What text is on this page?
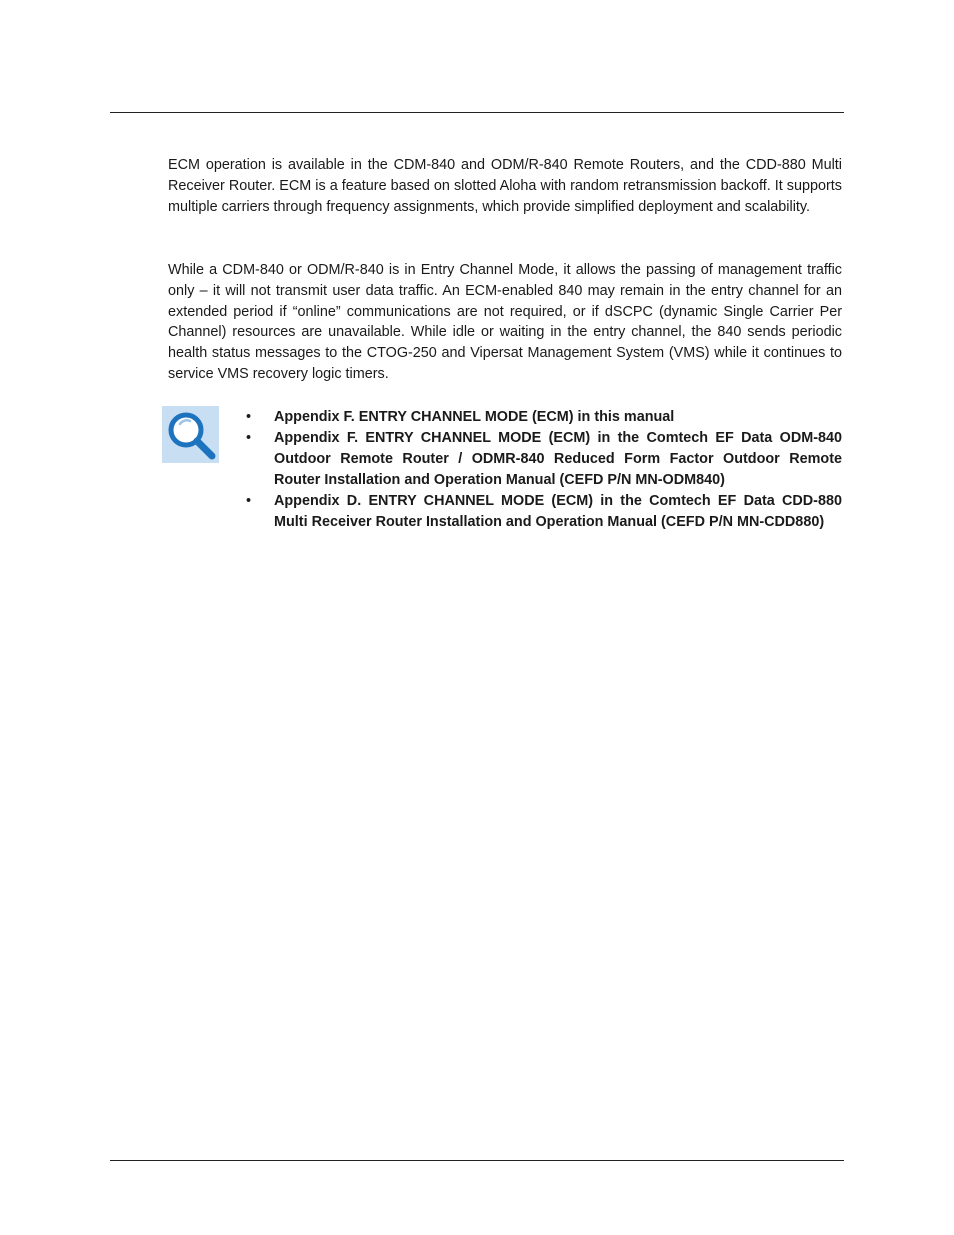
ECM operation is available in the CDM-840 and ODM/R-840 Remote Routers, and the CDD-880 Multi Receiver Router. ECM is a feature based on slotted Aloha with random retransmission backoff. It supports multiple carriers through frequency assignments, which provide simplified deployment and scalability.

While a CDM-840 or ODM/R-840 is in Entry Channel Mode, it allows the passing of management traffic only – it will not transmit user data traffic. An ECM-enabled 840 may remain in the entry channel for an extended period if “online” communications are not required, or if dSCPC (dynamic Single Carrier Per Channel) resources are unavailable. While idle or waiting in the entry channel, the 840 sends periodic health status messages to the CTOG-250 and Vipersat Management System (VMS) while it continues to service VMS recovery logic timers.

•	Appendix F. ENTRY CHANNEL MODE (ECM) in this manual
•	Appendix F. ENTRY CHANNEL MODE (ECM) in the Comtech EF Data ODM-840 Outdoor Remote Router / ODMR-840 Reduced Form Factor Outdoor Remote Router Installation and Operation Manual (CEFD P/N MN-ODM840)
•	Appendix D. ENTRY CHANNEL MODE (ECM) in the Comtech EF Data CDD-880 Multi Receiver Router Installation and Operation Manual (CEFD P/N MN-CDD880)
